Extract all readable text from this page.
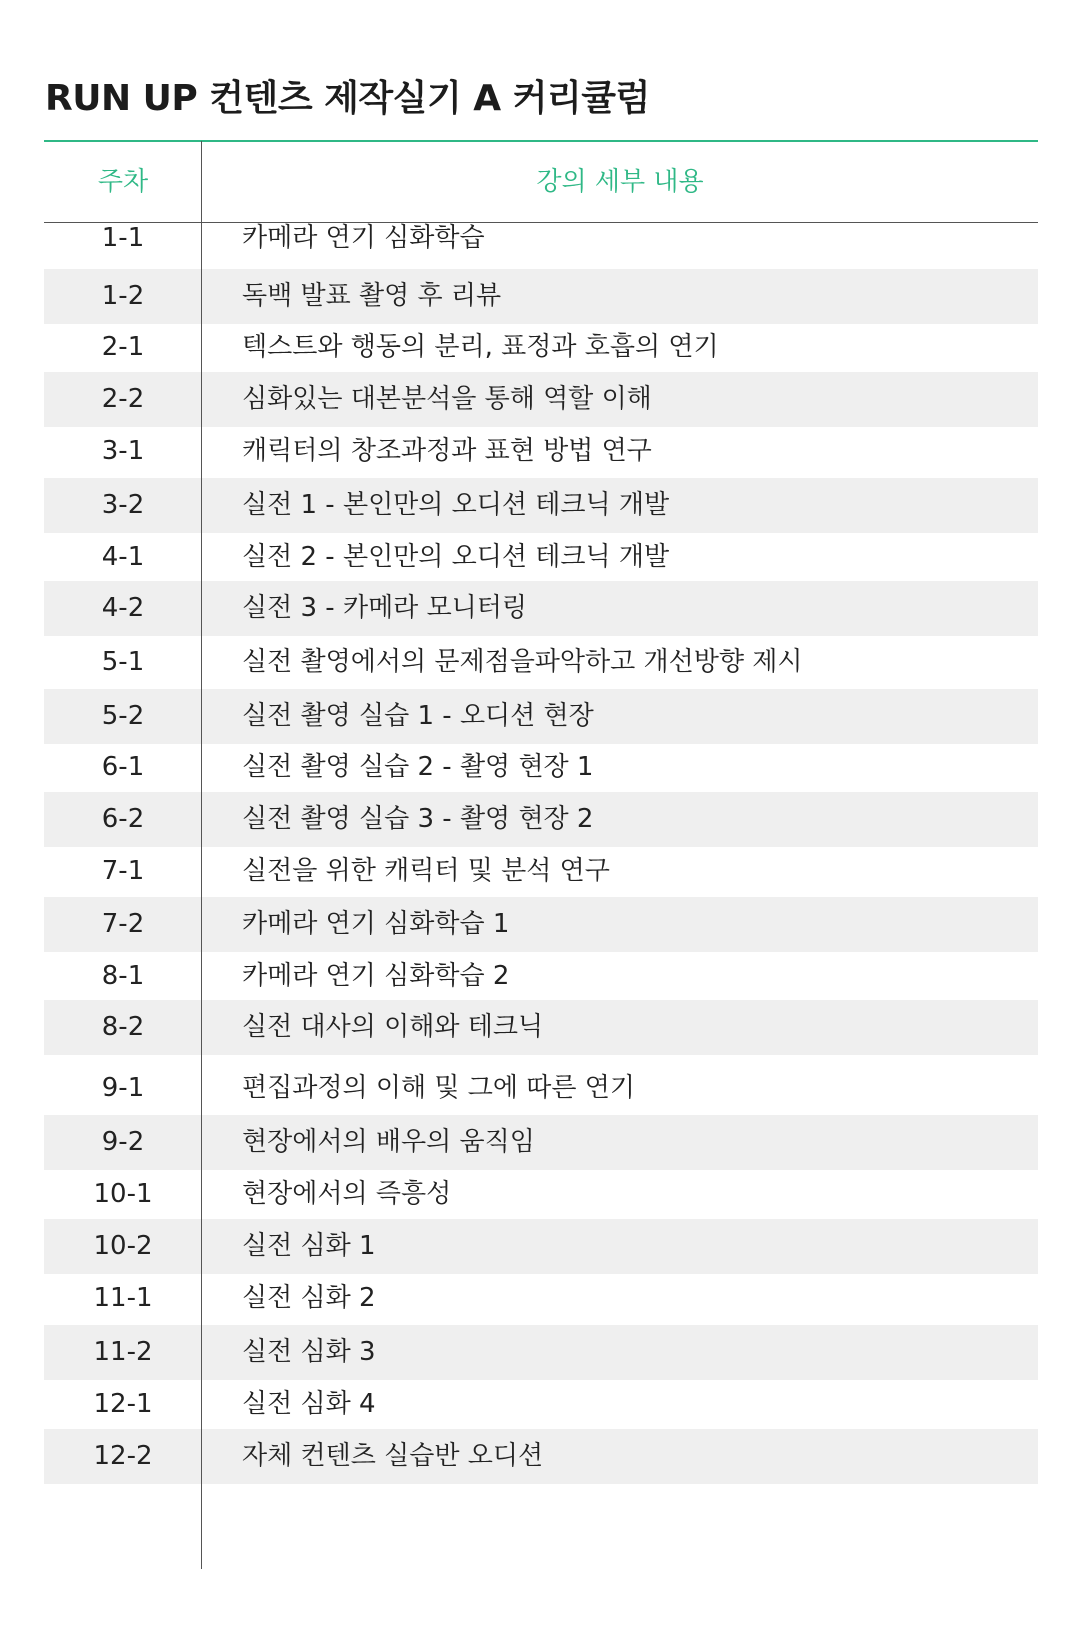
RUN UP 컨텐츠 제작실기 A 커리큘럼
주차	강의 세부 내용
1-1	카메라 연기 심화학습
1-2	독백 발표 촬영 후 리뷰
2-1	텍스트와 행동의 분리, 표정과 호흡의 연기
2-2	심화있는 대본분석을 통해 역할 이해
3-1	캐릭터의 창조과정과 표현 방법 연구
3-2	실전 1 - 본인만의 오디션 테크닉 개발
4-1	실전 2 - 본인만의 오디션 테크닉 개발
4-2	실전 3 - 카메라 모니터링
5-1	실전 촬영에서의 문제점을파악하고 개선방향 제시
5-2	실전 촬영 실습 1 - 오디션 현장
6-1	실전 촬영 실습 2 - 촬영 현장 1
6-2	실전 촬영 실습 3 - 촬영 현장 2
7-1	실전을 위한 캐릭터 및 분석 연구
7-2	카메라 연기 심화학습 1
8-1	카메라 연기 심화학습 2
8-2	실전 대사의 이해와 테크닉
9-1	편집과정의 이해 및 그에 따른 연기
9-2	현장에서의 배우의 움직임
10-1	현장에서의 즉흥성
10-2	실전 심화 1
11-1	실전 심화 2
11-2	실전 심화 3
12-1	실전 심화 4
12-2	자체 컨텐츠 실습반 오디션
